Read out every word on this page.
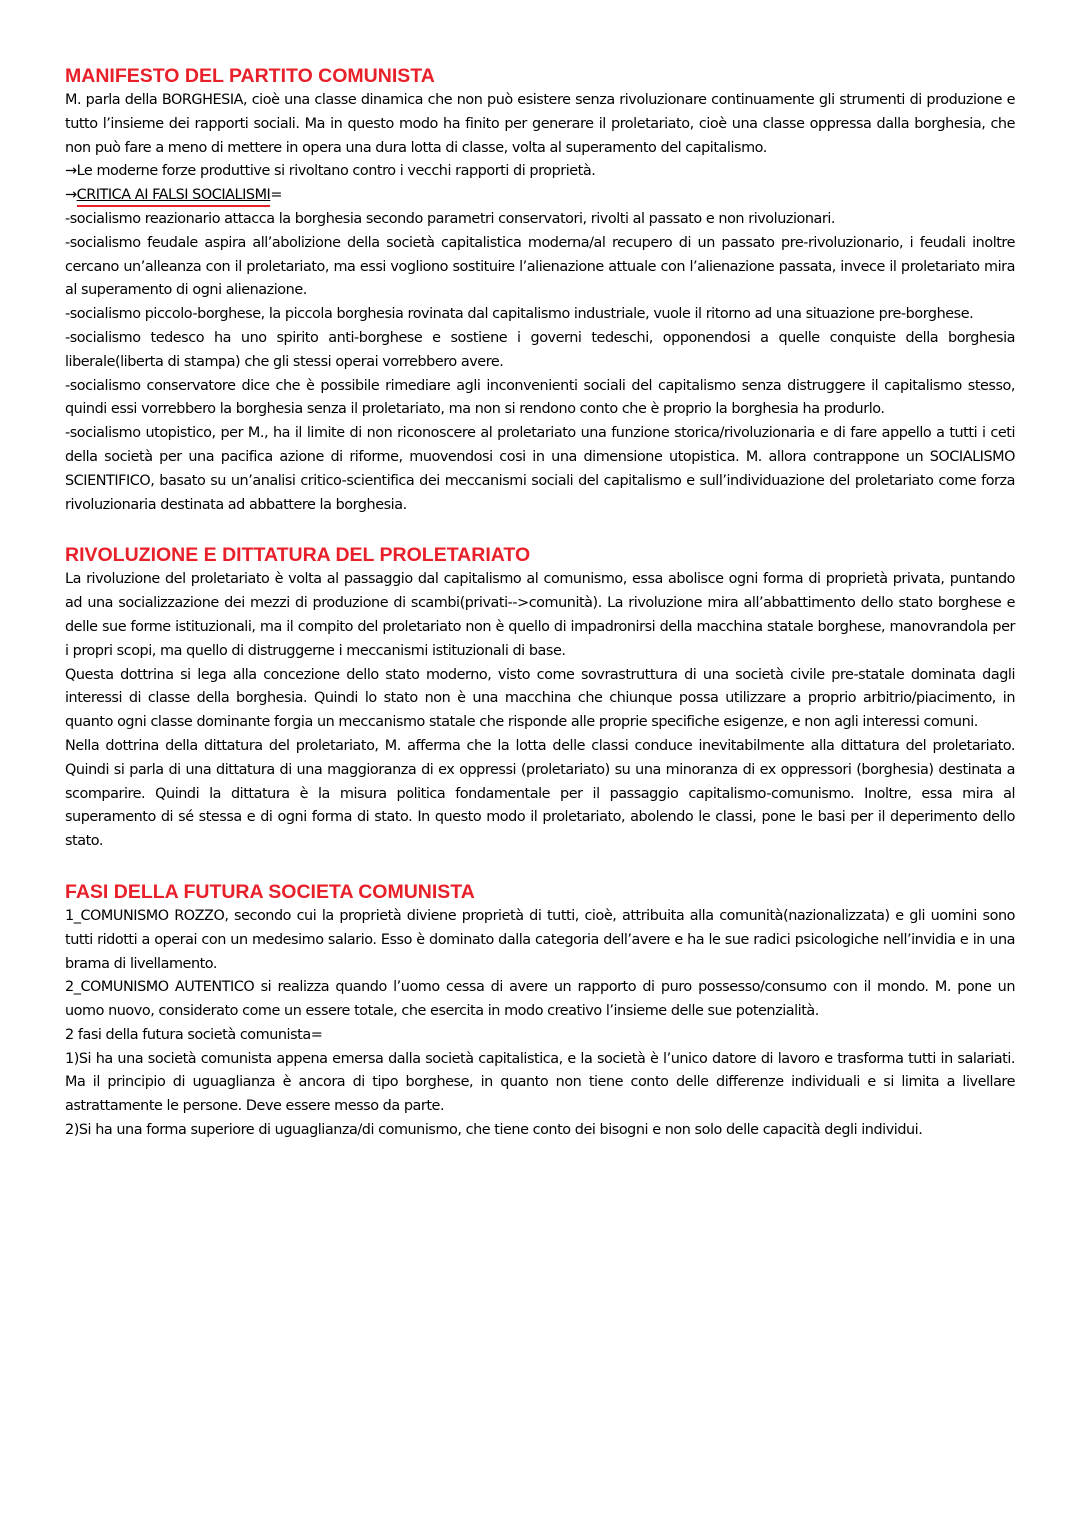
MANIFESTO DEL PARTITO COMUNISTA

M. parla della BORGHESIA, cioè una classe dinamica che non può esistere senza rivoluzionare continuamente gli strumenti di produzione e tutto l’insieme dei rapporti sociali. Ma in questo modo ha finito per generare il proletariato, cioè una classe oppressa dalla borghesia, che non può fare a meno di mettere in opera una dura lotta di classe, volta al superamento del capitalismo.

→Le moderne forze produttive si rivoltano contro i vecchi rapporti di proprietà.

→CRITICA AI FALSI SOCIALISMI=

-socialismo reazionario attacca la borghesia secondo parametri conservatori, rivolti al passato e non rivoluzionari.

-socialismo feudale aspira all’abolizione della società capitalistica moderna/al recupero di un passato pre-rivoluzionario, i feudali inoltre cercano un’alleanza con il proletariato, ma essi vogliono sostituire l’alienazione attuale con l’alienazione passata, invece il proletariato mira al superamento di ogni alienazione.

-socialismo piccolo-borghese, la piccola borghesia rovinata dal capitalismo industriale, vuole il ritorno ad una situazione pre-borghese.

-socialismo tedesco ha uno spirito anti-borghese e sostiene i governi tedeschi, opponendosi a quelle conquiste della borghesia liberale(liberta di stampa) che gli stessi operai vorrebbero avere.

-socialismo conservatore dice che è possibile rimediare agli inconvenienti sociali del capitalismo senza distruggere il capitalismo stesso, quindi essi vorrebbero la borghesia senza il proletariato, ma non si rendono conto che è proprio la borghesia ha produrlo.

-socialismo utopistico, per M., ha il limite di non riconoscere al proletariato una funzione storica/rivoluzionaria e di fare appello a tutti i ceti della società per una pacifica azione di riforme, muovendosi cosi in una dimensione utopistica. M. allora contrappone un SOCIALISMO SCIENTIFICO, basato su un’analisi critico-scientifica dei meccanismi sociali del capitalismo e sull’individuazione del proletariato come forza rivoluzionaria destinata ad abbattere la borghesia.

RIVOLUZIONE E DITTATURA DEL PROLETARIATO

La rivoluzione del proletariato è volta al passaggio dal capitalismo al comunismo, essa abolisce ogni forma di proprietà privata, puntando ad una socializzazione dei mezzi di produzione di scambi(privati-->comunità). La rivoluzione mira all’abbattimento dello stato borghese e delle sue forme istituzionali, ma il compito del proletariato non è quello di impadronirsi della macchina statale borghese, manovrandola per i propri scopi, ma quello di distruggerne i meccanismi istituzionali di base.

Questa dottrina si lega alla concezione dello stato moderno, visto come sovrastruttura di una società civile pre-statale dominata dagli interessi di classe della borghesia. Quindi lo stato non è una macchina che chiunque possa utilizzare a proprio arbitrio/piacimento, in quanto ogni classe dominante forgia un meccanismo statale che risponde alle proprie specifiche esigenze, e non agli interessi comuni.

Nella dottrina della dittatura del proletariato, M. afferma che la lotta delle classi conduce inevitabilmente alla dittatura del proletariato. Quindi si parla di una dittatura di una maggioranza di ex oppressi (proletariato) su una minoranza di ex oppressori (borghesia) destinata a scomparire. Quindi la dittatura è la misura politica fondamentale per il passaggio capitalismo-comunismo. Inoltre, essa mira al superamento di sé stessa e di ogni forma di stato. In questo modo il proletariato, abolendo le classi, pone le basi per il deperimento dello stato.

FASI DELLA FUTURA SOCIETA COMUNISTA

1_COMUNISMO ROZZO, secondo cui la proprietà diviene proprietà di tutti, cioè, attribuita alla comunità(nazionalizzata) e gli uomini sono tutti ridotti a operai con un medesimo salario. Esso è dominato dalla categoria dell’avere e ha le sue radici psicologiche nell’invidia e in una brama di livellamento.

2_COMUNISMO AUTENTICO si realizza quando l’uomo cessa di avere un rapporto di puro possesso/consumo con il mondo. M. pone un uomo nuovo, considerato come un essere totale, che esercita in modo creativo l’insieme delle sue potenzialità.

2 fasi della futura società comunista=

1)Si ha una società comunista appena emersa dalla società capitalistica, e la società è l’unico datore di lavoro e trasforma tutti in salariati. Ma il principio di uguaglianza è ancora di tipo borghese, in quanto non tiene conto delle differenze individuali e si limita a livellare astrattamente le persone. Deve essere messo da parte.

2)Si ha una forma superiore di uguaglianza/di comunismo, che tiene conto dei bisogni e non solo delle capacità degli individui.
